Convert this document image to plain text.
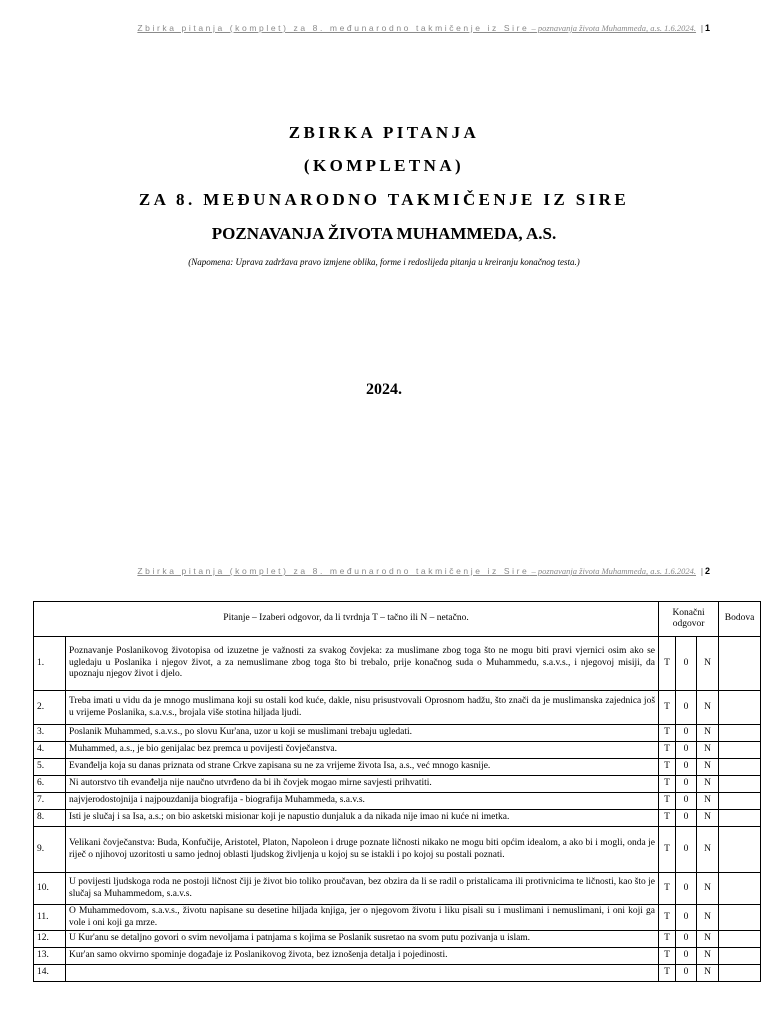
Zbirka pitanja (komplet) za 8. međunarodno takmičenje iz Sire – poznavanja života Muhammeda, a.s. 1.6.2024. | 1
ZBIRKA PITANJA
(KOMPLETNA)
ZA 8. MEĐUNARODNO TAKMIČENJE IZ SIRE
POZNAVANJA ŽIVOTA MUHAMMEDA, A.S.
(Napomena: Uprava zadržava pravo izmjene oblika, forme i redoslijeda pitanja u kreiranju konačnog testa.)
2024.
Zbirka pitanja (komplet) za 8. međunarodno takmičenje iz Sire – poznavanja života Muhammeda, a.s. 1.6.2024. | 2
Pitanje – Izaberi odgovor, da li tvrdnja T – tačno ili N – netačno.		Konačni odgovor			Bodova
1.	Poznavanje Poslanikovog životopisa od izuzetne je važnosti za svakog čovjeka: za muslimane zbog toga što ne mogu biti pravi vjernici osim ako se ugledaju u Poslanika i njegov život, a za nemuslimane zbog toga što bi trebalo, prije konačnog suda o Muhammedu, s.a.v.s., i njegovoj misiji, da upoznaju njegov život i djelo.	T	0	N	
2.	Treba imati u vidu da je mnogo muslimana koji su ostali kod kuće, dakle, nisu prisustvovali Oprosnom hadžu, što znači da je muslimanska zajednica još u vrijeme Poslanika, s.a.v.s., brojala više stotina hiljada ljudi.	T	0	N	
3.	Poslanik Muhammed, s.a.v.s., po slovu Kur'ana, uzor u koji se muslimani trebaju ugledati.	T	0	N	
4.	Muhammed, a.s., je bio genijalac bez premca u povijesti čovječanstva.	T	0	N	
5.	Evanđelja koja su danas priznata od strane Crkve zapisana su ne za vrijeme života Isa, a.s., već mnogo kasnije.	T	0	N	
6.	Ni autorstvo tih evanđelja nije naučno utvrđeno da bi ih čovjek mogao mirne savjesti prihvatiti.	T	0	N	
7.	najvjerodostojnija i najpouzdanija biografija - biografija Muhammeda, s.a.v.s.	T	0	N	
8.	Isti je slučaj i sa Isa, a.s.; on bio asketski misionar koji je napustio dunjaluk a da nikada nije imao ni kuće ni imetka.	T	0	N	
9.	Velikani čovječanstva: Buda, Konfučije, Aristotel, Platon, Napoleon i druge poznate ličnosti nikako ne mogu biti općim idealom, a ako bi i mogli, onda je riječ o njihovoj uzoritosti u samo jednoj oblasti ljudskog življenja u kojoj su se istakli i po kojoj su postali poznati.	T	0	N	
10.	U povijesti ljudskoga roda ne postoji ličnost čiji je život bio toliko proučavan, bez obzira da li se radil o pristalicama ili protivnicima te ličnosti, kao što je slučaj sa Muhammedom, s.a.v.s.	T	0	N	
11.	O Muhammedovom, s.a.v.s., životu napisane su desetine hiljada knjiga, jer o njegovom životu i liku pisali su i muslimani i nemuslimani, i oni koji ga vole i oni koji ga mrze.	T	0	N	
12.	U Kur'anu se detaljno govori o svim nevoljama i patnjama s kojima se Poslanik susretao na svom putu pozivanja u islam.	T	0	N	
13.	Kur'an samo okvirno spominje događaje iz Poslanikovog života, bez iznošenja detalja i pojedinosti.	T	0	N	
14.		T	0	N	
